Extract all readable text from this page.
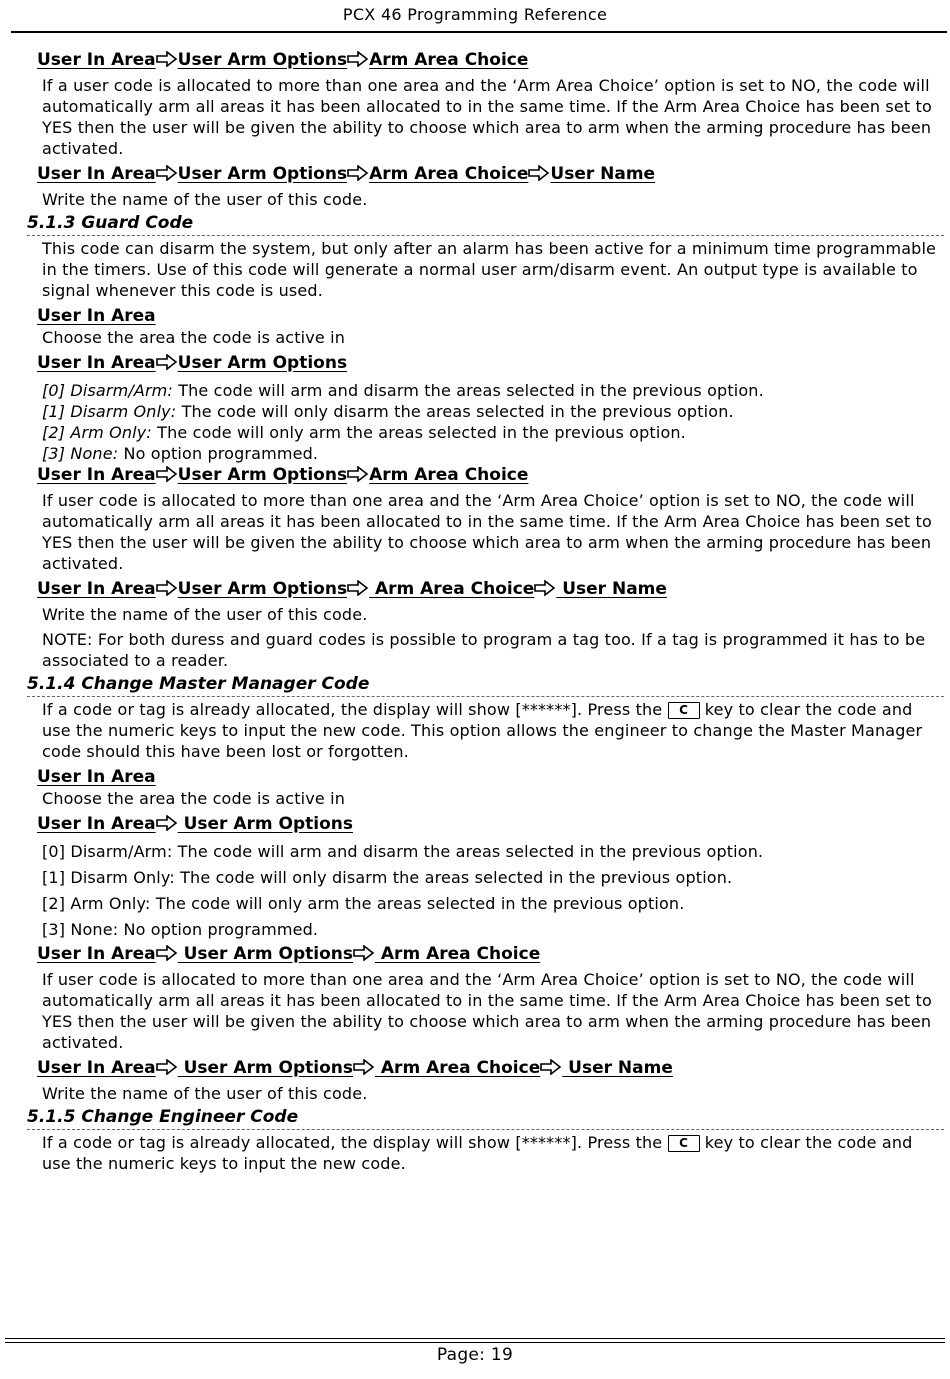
PCX 46 Programming Reference
User In Area User Arm Options Arm Area Choice
If a user code is allocated to more than one area and the ‘Arm Area Choice’ option is set to NO, the code will automatically arm all areas it has been allocated to in the same time. If the Arm Area Choice has been set to YES then the user will be given the ability to choose which area to arm when the arming procedure has been activated.
User In Area User Arm Options Arm Area Choice User Name
Write the name of the user of this code.
5.1.3 Guard Code
This code can disarm the system, but only after an alarm has been active for a minimum time programmable in the timers. Use of this code will generate a normal user arm/disarm event. An output type is available to signal whenever this code is used.
User In Area
Choose the area the code is active in
User In Area User Arm Options
[0] Disarm/Arm: The code will arm and disarm the areas selected in the previous option.
[1] Disarm Only: The code will only disarm the areas selected in the previous option.
[2] Arm Only: The code will only arm the areas selected in the previous option.
[3] None: No option programmed.
User In Area User Arm Options Arm Area Choice
If user code is allocated to more than one area and the ‘Arm Area Choice’ option is set to NO, the code will automatically arm all areas it has been allocated to in the same time. If the Arm Area Choice has been set to YES then the user will be given the ability to choose which area to arm when the arming procedure has been activated.
User In Area User Arm Options
Arm Area Choice
User Name
Write the name of the user of this code.
NOTE: For both duress and guard codes is possible to program a tag too. If a tag is programmed it has to be associated to a reader.
5.1.4 Change Master Manager Code
If a code or tag is already allocated, the display will show [******]. Press the C key to clear the code and use the numeric keys to input the new code. This option allows the engineer to change the Master Manager code should this have been lost or forgotten.
User In Area
Choose the area the code is active in
User In Area
User Arm Options
[0] Disarm/Arm: The code will arm and disarm the areas selected in the previous option.
[1] Disarm Only: The code will only disarm the areas selected in the previous option.
[2] Arm Only: The code will only arm the areas selected in the previous option.
[3] None: No option programmed.
User In Area
User Arm Options
Arm Area Choice
If user code is allocated to more than one area and the ‘Arm Area Choice’ option is set to NO, the code will automatically arm all areas it has been allocated to in the same time. If the Arm Area Choice has been set to YES then the user will be given the ability to choose which area to arm when the arming procedure has been activated.
User In Area
User Arm Options
Arm Area Choice
User Name
Write the name of the user of this code.
5.1.5 Change Engineer Code
If a code or tag is already allocated, the display will show [******]. Press the C key to clear the code and use the numeric keys to input the new code.
Page: 19
